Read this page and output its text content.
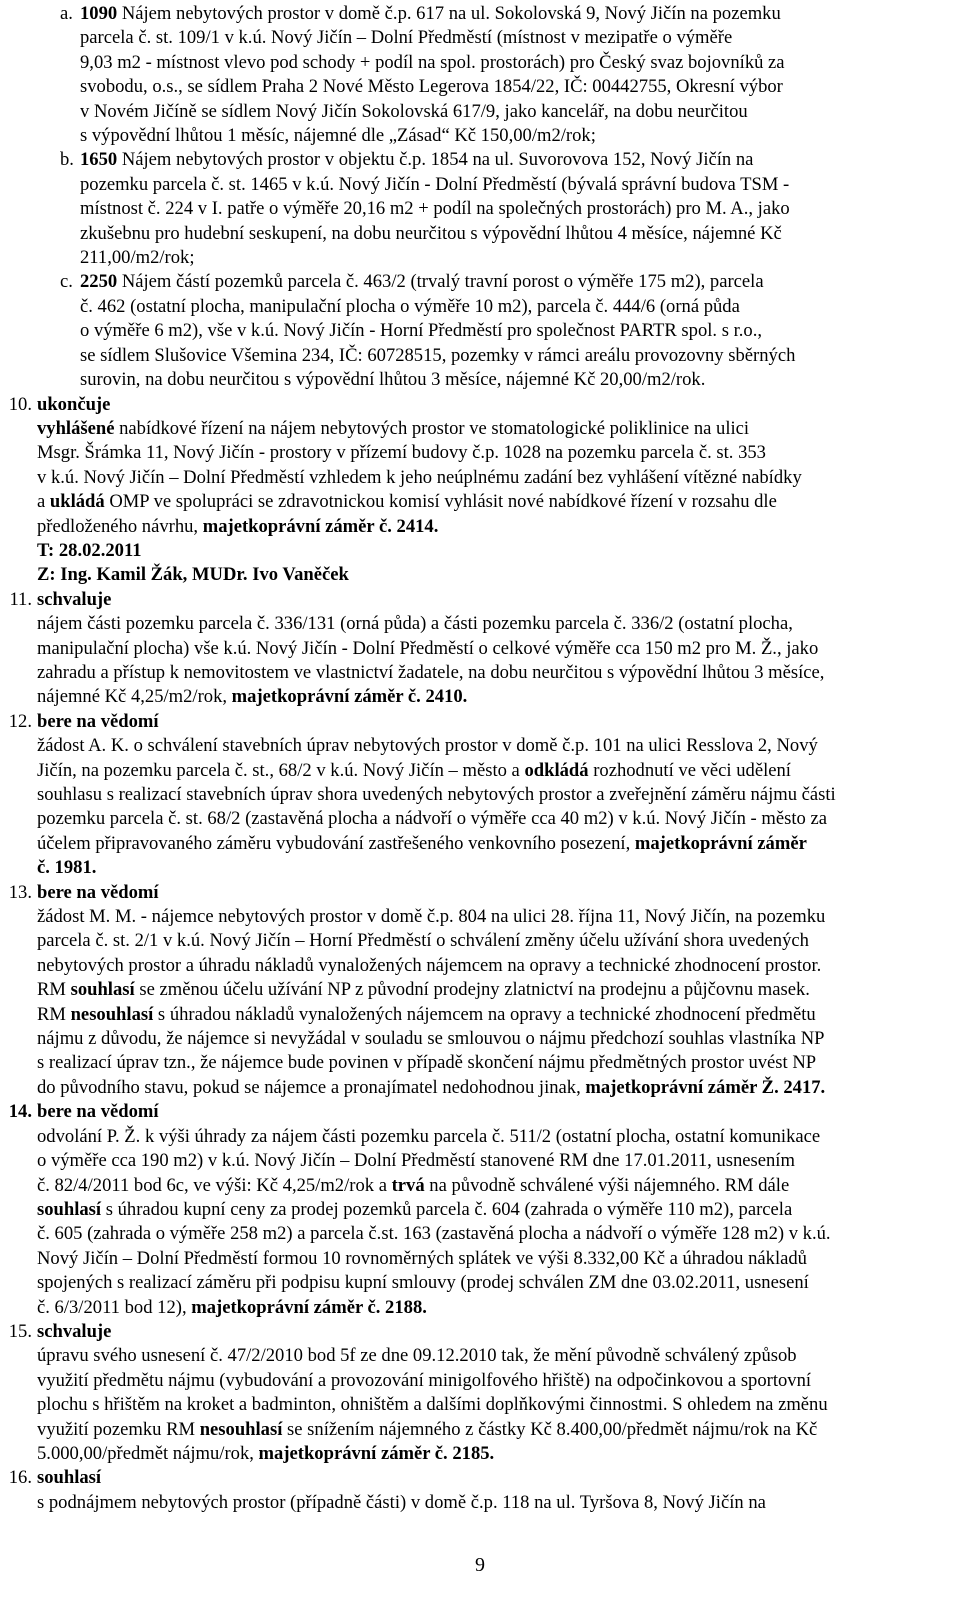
a. 1090 Nájem nebytových prostor v domě č.p. 617 na ul. Sokolovská 9, Nový Jičín na pozemku
parcela č. st. 109/1 v k.ú. Nový Jičín – Dolní Předměstí (místnost v mezipatře o výměře
9,03 m2 - místnost vlevo pod schody + podíl na spol. prostorách) pro Český svaz bojovníků za
svobodu, o.s., se sídlem Praha 2 Nové Město Legerova 1854/22, IČ: 00442755, Okresní výbor
v Novém Jičíně se sídlem Nový Jičín Sokolovská 617/9, jako kancelář, na dobu neurčitou
s výpovědní lhůtou 1 měsíc, nájemné dle „Zásad“ Kč 150,00/m2/rok;
b. 1650 Nájem nebytových prostor v objektu č.p. 1854 na ul. Suvorovova 152, Nový Jičín na
pozemku parcela č. st. 1465 v k.ú. Nový Jičín - Dolní Předměstí (bývalá správní budova TSM -
místnost č. 224 v I. patře o výměře 20,16 m2 + podíl na společných prostorách) pro M. A., jako
zkušebnu pro hudební seskupení, na dobu neurčitou s výpovědní lhůtou 4 měsíce, nájemné Kč
211,00/m2/rok;
c. 2250 Nájem částí pozemků parcela č. 463/2 (trvalý travní porost o výměře 175 m2), parcela
č. 462 (ostatní plocha, manipulační plocha o výměře 10 m2), parcela č. 444/6 (orná půda
o výměře 6 m2), vše v k.ú. Nový Jičín - Horní Předměstí pro společnost PARTR spol. s r.o.,
se sídlem Slušovice Všemina 234, IČ: 60728515, pozemky v rámci areálu provozovny sběrných
surovin, na dobu neurčitou s výpovědní lhůtou 3 měsíce, nájemné Kč 20,00/m2/rok.
10. ukončuje
vyhlášené nabídkové řízení na nájem nebytových prostor ve stomatologické poliklinice na ulici
Msgr. Šrámka 11, Nový Jičín - prostory v přízemí budovy č.p. 1028 na pozemku parcela č. st. 353
v k.ú. Nový Jičín – Dolní Předměstí vzhledem k jeho neúplnému zadání bez vyhlášení vítězné nabídky
a ukládá OMP ve spolupráci se zdravotnickou komisí vyhlásit nové nabídkové řízení v rozsahu dle
předloženého návrhu, majetkoprávní záměr č. 2414.
T: 28.02.2011
Z: Ing. Kamil Žák, MUDr. Ivo Vaněček
11. schvaluje
nájem části pozemku parcela č. 336/131 (orná půda) a části pozemku parcela č. 336/2 (ostatní plocha,
manipulační plocha) vše k.ú. Nový Jičín - Dolní Předměstí o celkové výměře cca 150 m2 pro M. Ž., jako
zahradu a přístup k nemovitostem ve vlastnictví žadatele, na dobu neurčitou s výpovědní lhůtou 3 měsíce,
nájemné Kč 4,25/m2/rok, majetkoprávní záměr č. 2410.
12. bere na vědomí
žádost A. K. o schválení stavebních úprav nebytových prostor v domě č.p. 101 na ulici Resslova 2, Nový
Jičín, na pozemku parcela č. st., 68/2 v k.ú. Nový Jičín – město a odkládá rozhodnutí ve věci udělení
souhlasu s realizací stavebních úprav shora uvedených nebytových prostor a zveřejnění záměru nájmu části
pozemku parcela č. st. 68/2 (zastavěná plocha a nádvoří o výměře cca 40 m2) v k.ú. Nový Jičín - město za
účelem připravovaného záměru vybudování zastřešeného venkovního posezení, majetkoprávní záměr
č. 1981.
13. bere na vědomí
žádost M. M. - nájemce nebytových prostor v domě č.p. 804 na ulici 28. října 11, Nový Jičín, na pozemku
parcela č. st. 2/1 v k.ú. Nový Jičín – Horní Předměstí o schválení změny účelu užívání shora uvedených
nebytových prostor a úhradu nákladů vynaložených nájemcem na opravy a technické zhodnocení prostor.
RM souhlasí se změnou účelu užívání NP z původní prodejny zlatnictví na prodejnu a půjčovnu masek.
RM nesouhlasí s úhradou nákladů vynaložených nájemcem na opravy a technické zhodnocení předmětu
nájmu z důvodu, že nájemce si nevyžádal v souladu se smlouvou o nájmu předchozí souhlas vlastníka NP
s realizací úprav tzn., že nájemce bude povinen v případě skončení nájmu předmětných prostor uvést NP
do původního stavu, pokud se nájemce a pronajímatel nedohodnou jinak, majetkoprávní záměr Ž. 2417.
14. bere na vědomí
odvolání P. Ž. k výši úhrady za nájem části pozemku parcela č. 511/2 (ostatní plocha, ostatní komunikace
o výměře cca 190 m2) v k.ú. Nový Jičín – Dolní Předměstí stanovené RM dne 17.01.2011, usnesením
č. 82/4/2011 bod 6c, ve výši: Kč 4,25/m2/rok a trvá na původně schválené výši nájemného. RM dále
souhlasí s úhradou kupní ceny za prodej pozemků parcela č. 604 (zahrada o výměře 110 m2), parcela
č. 605 (zahrada o výměře 258 m2) a parcela č.st. 163 (zastavěná plocha a nádvoří o výměře 128 m2) v k.ú.
Nový Jičín – Dolní Předměstí formou 10 rovnoměrných splátek ve výši 8.332,00 Kč a úhradou nákladů
spojených s realizací záměru při podpisu kupní smlouvy (prodej schválen ZM dne 03.02.2011, usnesení
č. 6/3/2011 bod 12), majetkoprávní záměr č. 2188.
15. schvaluje
úpravu svého usnesení č. 47/2/2010 bod 5f ze dne 09.12.2010 tak, že mění původně schválený způsob
využití předmětu nájmu (vybudování a provozování minigolfového hřiště) na odpočinkovou a sportovní
plochu s hřištěm na kroket a badminton, ohništěm a dalšími doplňkovými činnostmi. S ohledem na změnu
využití pozemku RM nesouhlasí se snížením nájemného z částky Kč 8.400,00/předmět nájmu/rok na Kč
5.000,00/předmět nájmu/rok, majetkoprávní záměr č. 2185.
16. souhlasí
s podnájmem nebytových prostor (případně části) v domě č.p. 118 na ul. Tyršova 8, Nový Jičín na
9
